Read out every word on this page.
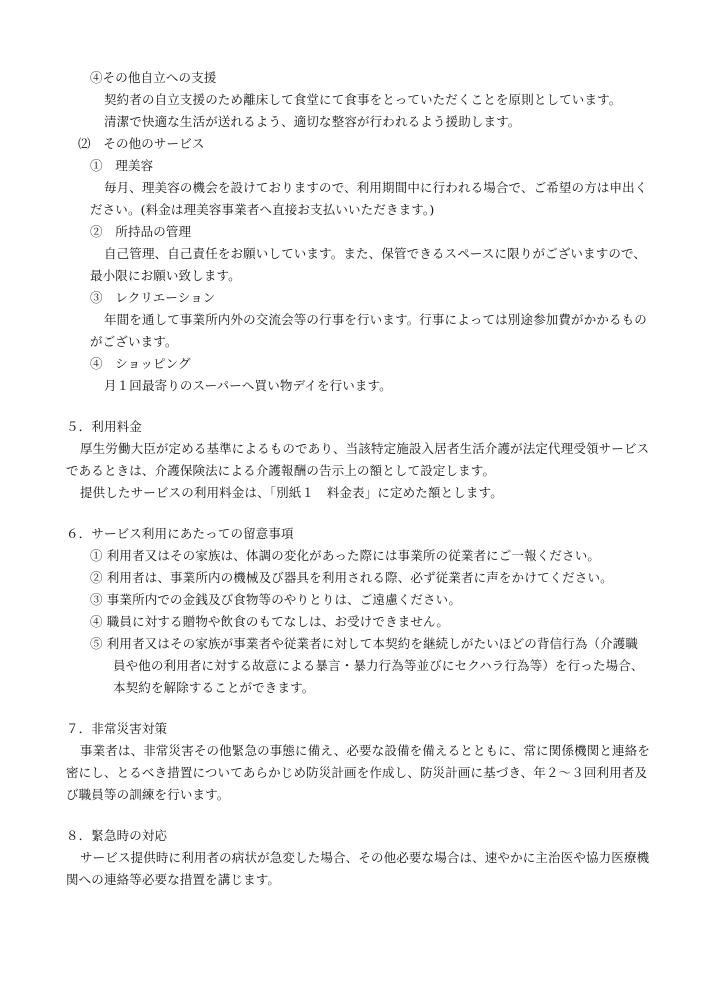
④その他自立への支援
契約者の自立支援のため離床して食堂にて食事をとっていただくことを原則としています。
清潔で快適な生活が送れるよう、適切な整容が行われるよう援助します。
⑵　その他のサービス
①　理美容
毎月、理美容の機会を設けておりますので、利用期間中に行われる場合で、ご希望の方は申出く
ださい。(料金は理美容事業者へ直接お支払いいただきます。)
②　所持品の管理
自己管理、自己責任をお願いしています。また、保管できるスペースに限りがございますので、
最小限にお願い致します。
③　レクリエーション
年間を通して事業所内外の交流会等の行事を行います。行事によっては別途参加費がかかるもの
がございます。
④　ショッピング
月１回最寄りのスーパーへ買い物デイを行います。
５．利用料金
厚生労働大臣が定める基準によるものであり、当該特定施設入居者生活介護が法定代理受領サービス
であるときは、介護保険法による介護報酬の告示上の額として設定します。
提供したサービスの利用料金は、「別紙１　料金表」に定めた額とします。
６．サービス利用にあたっての留意事項
① 利用者又はその家族は、体調の変化があった際には事業所の従業者にご一報ください。
② 利用者は、事業所内の機械及び器具を利用される際、必ず従業者に声をかけてください。
③ 事業所内での金銭及び食物等のやりとりは、ご遠慮ください。
④ 職員に対する贈物や飲食のもてなしは、お受けできません。
⑤ 利用者又はその家族が事業者や従業者に対して本契約を継続しがたいほどの背信行為（介護職
員や他の利用者に対する故意による暴言・暴力行為等並びにセクハラ行為等）を行った場合、
本契約を解除することができます。
７．非常災害対策
事業者は、非常災害その他緊急の事態に備え、必要な設備を備えるとともに、常に関係機関と連絡を
密にし、とるべき措置についてあらかじめ防災計画を作成し、防災計画に基づき、年２～３回利用者及
び職員等の訓練を行います。
８．緊急時の対応
サービス提供時に利用者の病状が急変した場合、その他必要な場合は、速やかに主治医や協力医療機
関への連絡等必要な措置を講じます。
